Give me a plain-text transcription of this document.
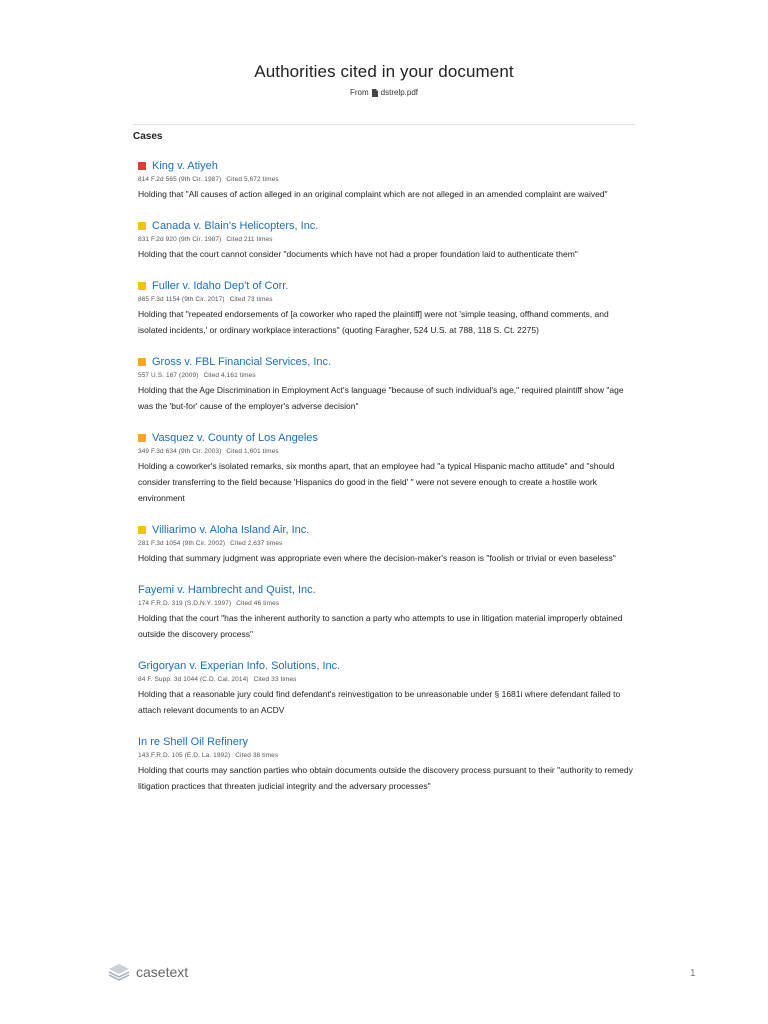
Authorities cited in your document
From dstrelp.pdf
Cases
King v. Atiyeh
814 F.2d 565 (9th Cir. 1987) Cited 5,672 times
Holding that "All causes of action alleged in an original complaint which are not alleged in an amended complaint are waived"
Canada v. Blain's Helicopters, Inc.
831 F.2d 920 (9th Cir. 1987) Cited 211 times
Holding that the court cannot consider "documents which have not had a proper foundation laid to authenticate them"
Fuller v. Idaho Dep't of Corr.
865 F.3d 1154 (9th Cir. 2017) Cited 73 times
Holding that "repeated endorsements of [a coworker who raped the plaintiff] were not 'simple teasing, offhand comments, and isolated incidents,' or ordinary workplace interactions" (quoting Faragher, 524 U.S. at 788, 118 S. Ct. 2275)
Gross v. FBL Financial Services, Inc.
557 U.S. 167 (2009) Cited 4,161 times
Holding that the Age Discrimination in Employment Act's language "because of such individual's age," required plaintiff show "age was the 'but-for' cause of the employer's adverse decision"
Vasquez v. County of Los Angeles
349 F.3d 634 (9th Cir. 2003) Cited 1,601 times
Holding a coworker's isolated remarks, six months apart, that an employee had "a typical Hispanic macho attitude" and "should consider transferring to the field because 'Hispanics do good in the field' " were not severe enough to create a hostile work environment
Villiarimo v. Aloha Island Air, Inc.
281 F.3d 1054 (9th Cir. 2002) Cited 2,637 times
Holding that summary judgment was appropriate even where the decision-maker's reason is "foolish or trivial or even baseless"
Fayemi v. Hambrecht and Quist, Inc.
174 F.R.D. 319 (S.D.N.Y. 1997) Cited 46 times
Holding that the court "has the inherent authority to sanction a party who attempts to use in litigation material improperly obtained outside the discovery process"
Grigoryan v. Experian Info. Solutions, Inc.
84 F. Supp. 3d 1044 (C.D. Cal. 2014) Cited 33 times
Holding that a reasonable jury could find defendant's reinvestigation to be unreasonable under § 1681i where defendant failed to attach relevant documents to an ACDV
In re Shell Oil Refinery
143 F.R.D. 105 (E.D. La. 1992) Cited 38 times
Holding that courts may sanction parties who obtain documents outside the discovery process pursuant to their "authority to remedy litigation practices that threaten judicial integrity and the adversary processes"
casetext	1
